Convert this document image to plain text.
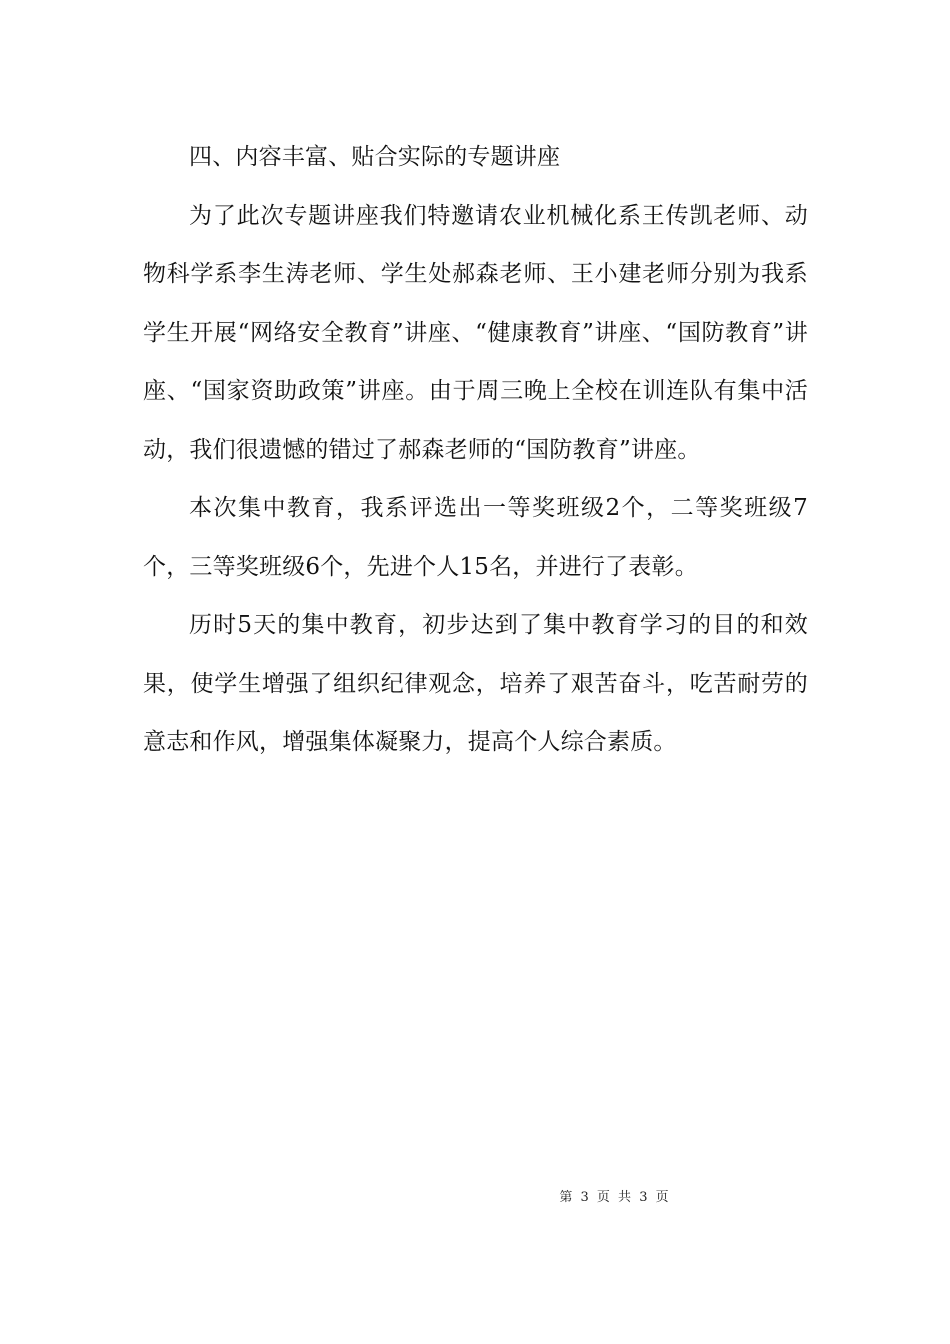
四、内容丰富、贴合实际的专题讲座

为了此次专题讲座我们特邀请农业机械化系王传凯老师、动物科学系李生涛老师、学生处郝森老师、王小建老师分别为我系学生开展“网络安全教育”讲座、“健康教育”讲座、“国防教育”讲座、“国家资助政策”讲座。由于周三晚上全校在训连队有集中活动，我们很遗憾的错过了郝森老师的“国防教育”讲座。

本次集中教育，我系评选出一等奖班级2个，二等奖班级7个，三等奖班级6个，先进个人15名，并进行了表彰。

历时5天的集中教育，初步达到了集中教育学习的目的和效果，使学生增强了组织纪律观念，培养了艰苦奋斗，吃苦耐劳的意志和作风，增强集体凝聚力，提高个人综合素质。

第 3 页 共 3 页
